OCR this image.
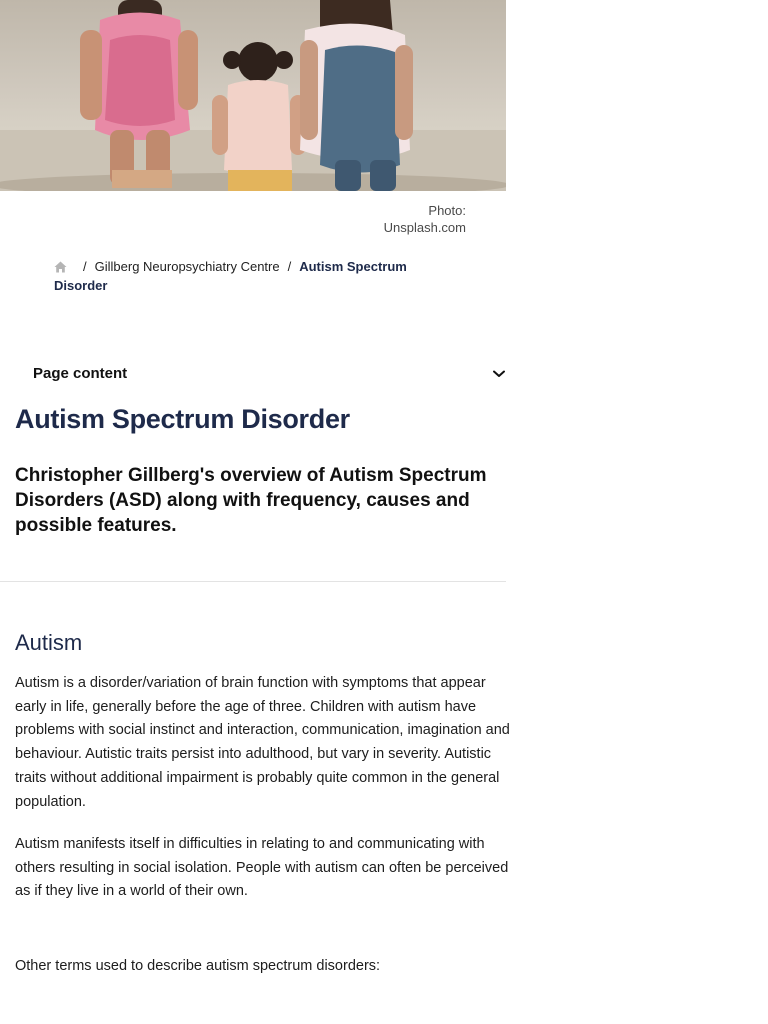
Photo:
Unsplash.com
/ Gillberg Neuropsychiatry Centre / Autism Spectrum Disorder
Page content
Autism Spectrum Disorder

Christopher Gillberg's overview of Autism Spectrum Disorders (ASD) along with frequency, causes and possible features.

Autism

Autism is a disorder/variation of brain function with symptoms that appear early in life, generally before the age of three. Children with autism have problems with social instinct and interaction, communication, imagination and behaviour. Autistic traits persist into adulthood, but vary in severity. Autistic traits without additional impairment is probably quite common in the general population.

Autism manifests itself in difficulties in relating to and communicating with others resulting in social isolation. People with autism can often be perceived as if they live in a world of their own.

Other terms used to describe autism spectrum disorders:
